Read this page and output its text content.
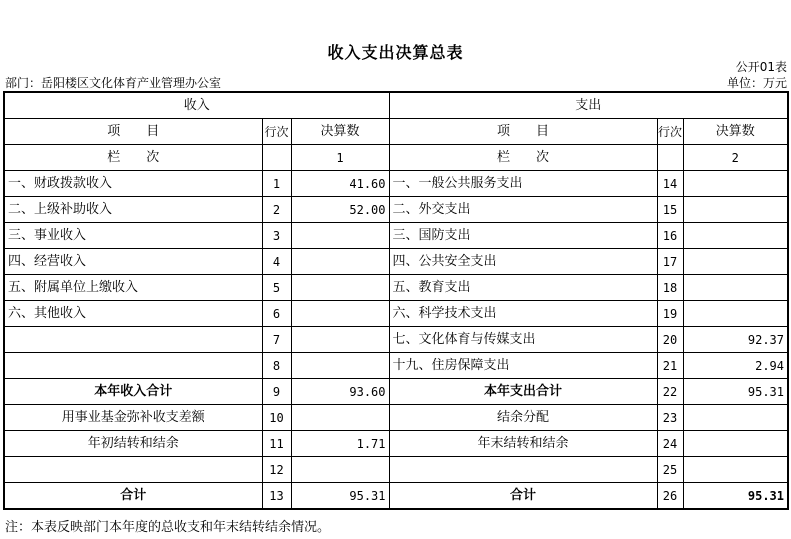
收入支出决算总表
公开01表
部门：岳阳楼区文化体育产业管理办公室	单位：万元
收入			支出		
项　　目	行次	决算数	项　　目	行次	决算数
栏　　次		1	栏　　次		2
一、财政拨款收入	1	41.60	一、一般公共服务支出	14	
二、上级补助收入	2	52.00	二、外交支出	15	
三、事业收入	3		三、国防支出	16	
四、经营收入	4		四、公共安全支出	17	
五、附属单位上缴收入	5		五、教育支出	18	
六、其他收入	6		六、科学技术支出	19	
	7		七、文化体育与传媒支出	20	92.37
	8		十九、住房保障支出	21	2.94
本年收入合计	9	93.60	本年支出合计	22	95.31
用事业基金弥补收支差额	10		结余分配	23	
年初结转和结余	11	1.71	年末结转和结余	24	
	12			25	
合计	13	95.31	合计	26	95.31
注：本表反映部门本年度的总收支和年末结转结余情况。
